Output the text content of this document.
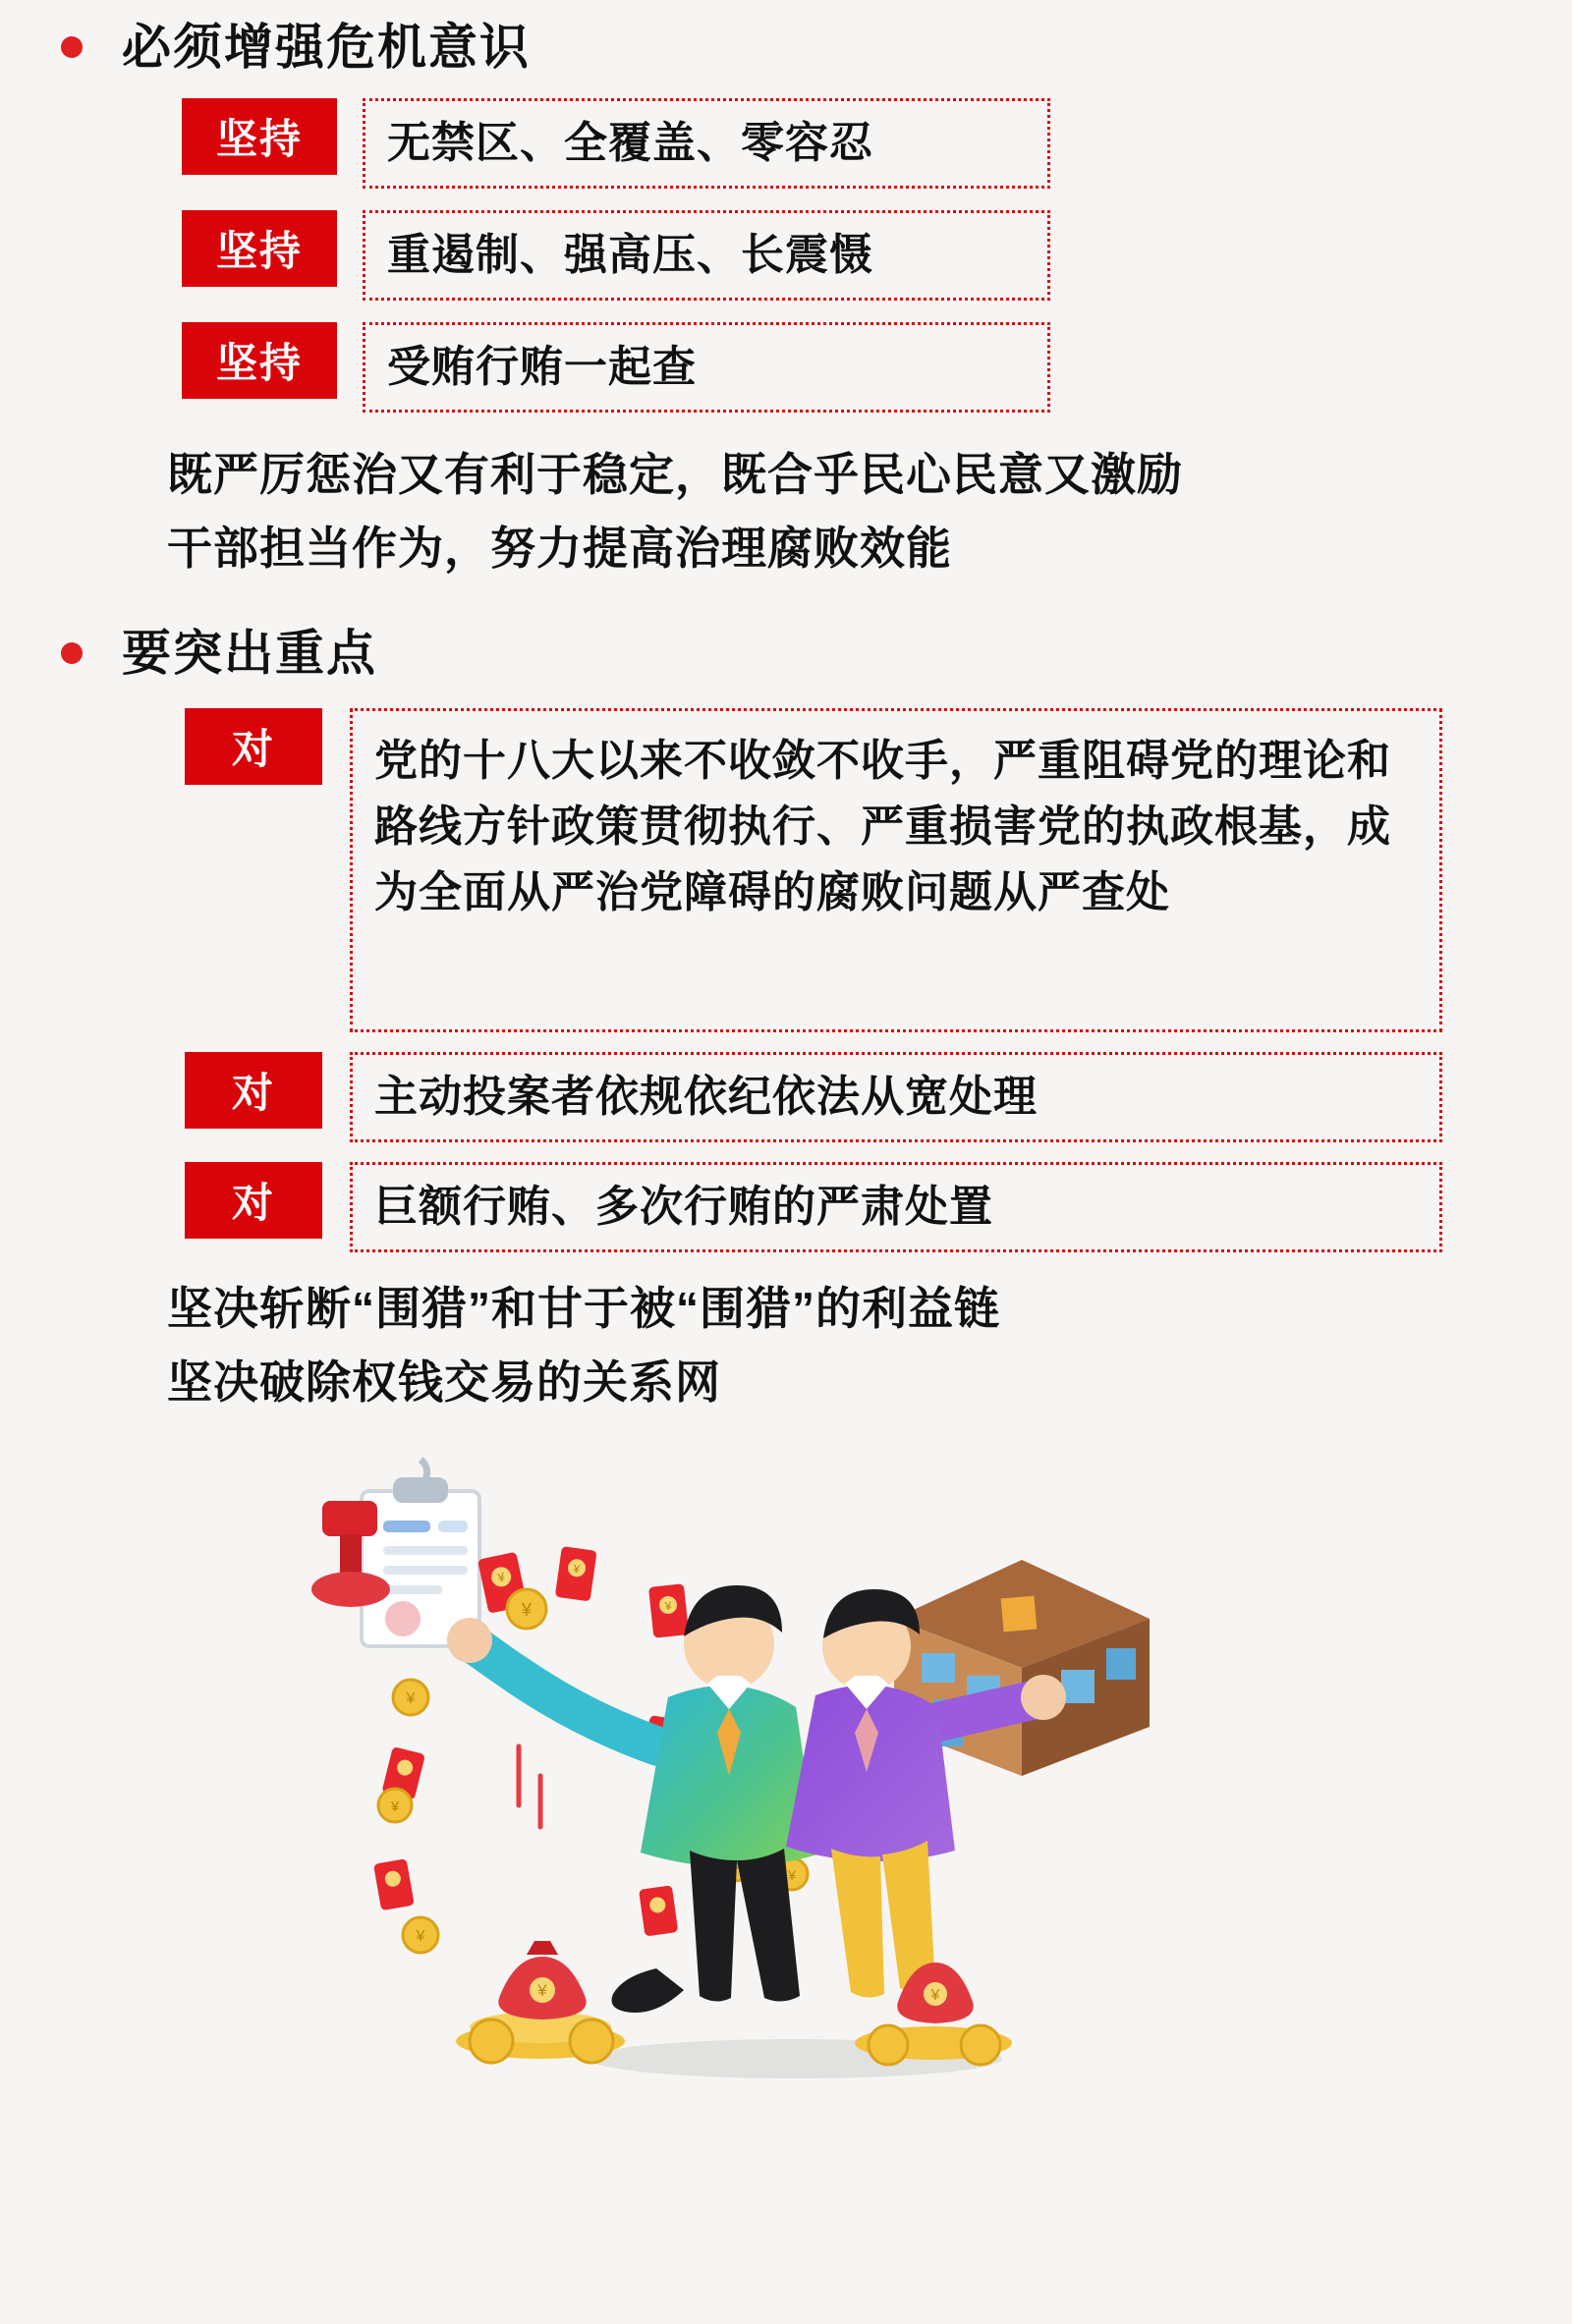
必须增强危机意识
坚持	无禁区、全覆盖、零容忍
坚持	重遏制、强高压、长震慑
坚持	受贿行贿一起查
既严厉惩治又有利于稳定，既合乎民心民意又激励
干部担当作为，努力提高治理腐败效能
要突出重点
对	党的十八大以来不收敛不收手，严重阻碍党的理论和路线方针政策贯彻执行、严重损害党的执政根基，成为全面从严治党障碍的腐败问题从严查处
对	主动投案者依规依纪依法从宽处理
对	巨额行贿、多次行贿的严肃处置
坚决斩断“围猎”和甘于被“围猎”的利益链
坚决破除权钱交易的关系网
¥
¥
¥
¥
¥
¥
¥
¥
¥	¥
